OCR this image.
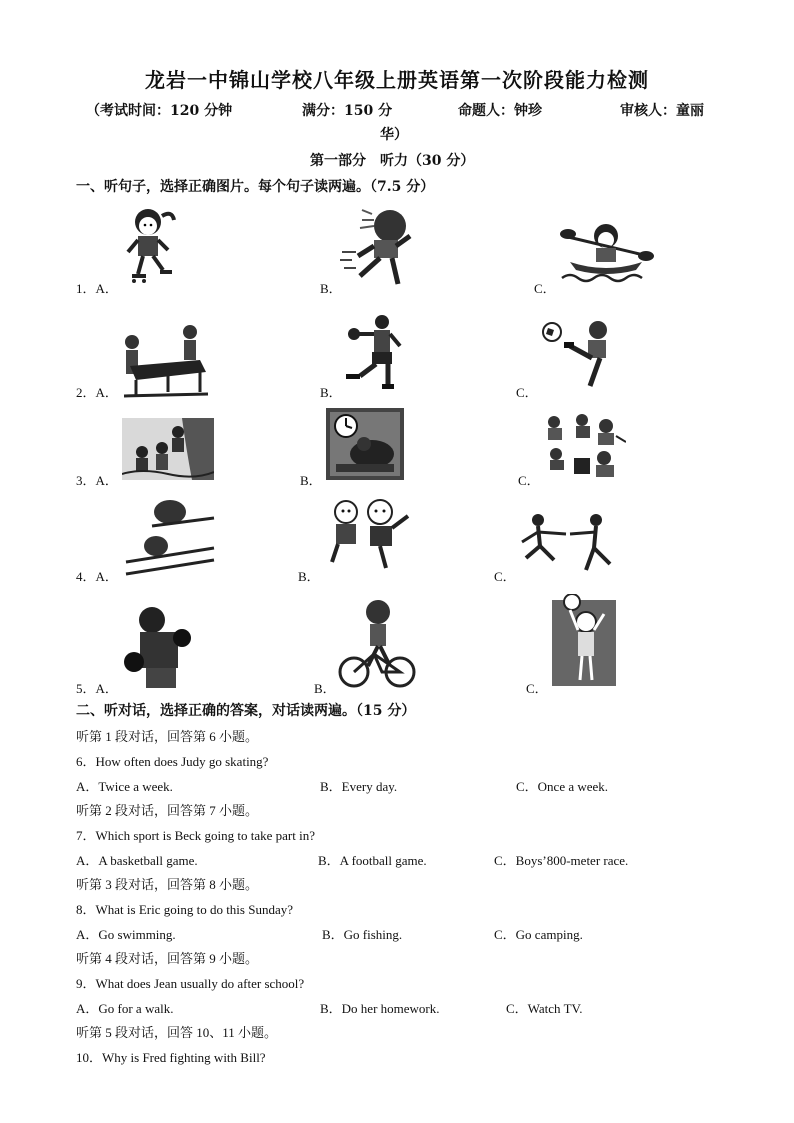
龙岩一中锦山学校八年级上册英语第一次阶段能力检测
（考试时间：120 分钟	满分：150 分	命题人：钟珍	审核人：童丽
华）
第一部分　听力（30 分）
一、听句子，选择正确图片。每个句子读两遍。（7.5 分）
1．A．	B．	C．
2．A．	B．	C．
3．A．	B．	C．
4．A．	B．	C．
5．A．	B．	C．
二、听对话，选择正确的答案，对话读两遍。（15 分）
听第 1 段对话，回答第 6 小题。
6．How often does Judy go skating?
A．Twice a week.	B．Every day.	C．Once a week.
听第 2 段对话，回答第 7 小题。
7．Which sport is Beck going to take part in?
A．A basketball game.	B．A football game.	C．Boys’800-meter race.
听第 3 段对话，回答第 8 小题。
8．What is Eric going to do this Sunday?
A．Go swimming.	B．Go fishing.	C．Go camping.
听第 4 段对话，回答第 9 小题。
9．What does Jean usually do after school?
A．Go for a walk.	B．Do her homework.	C．Watch TV.
听第 5 段对话，回答 10、11 小题。
10．Why is Fred fighting with Bill?
